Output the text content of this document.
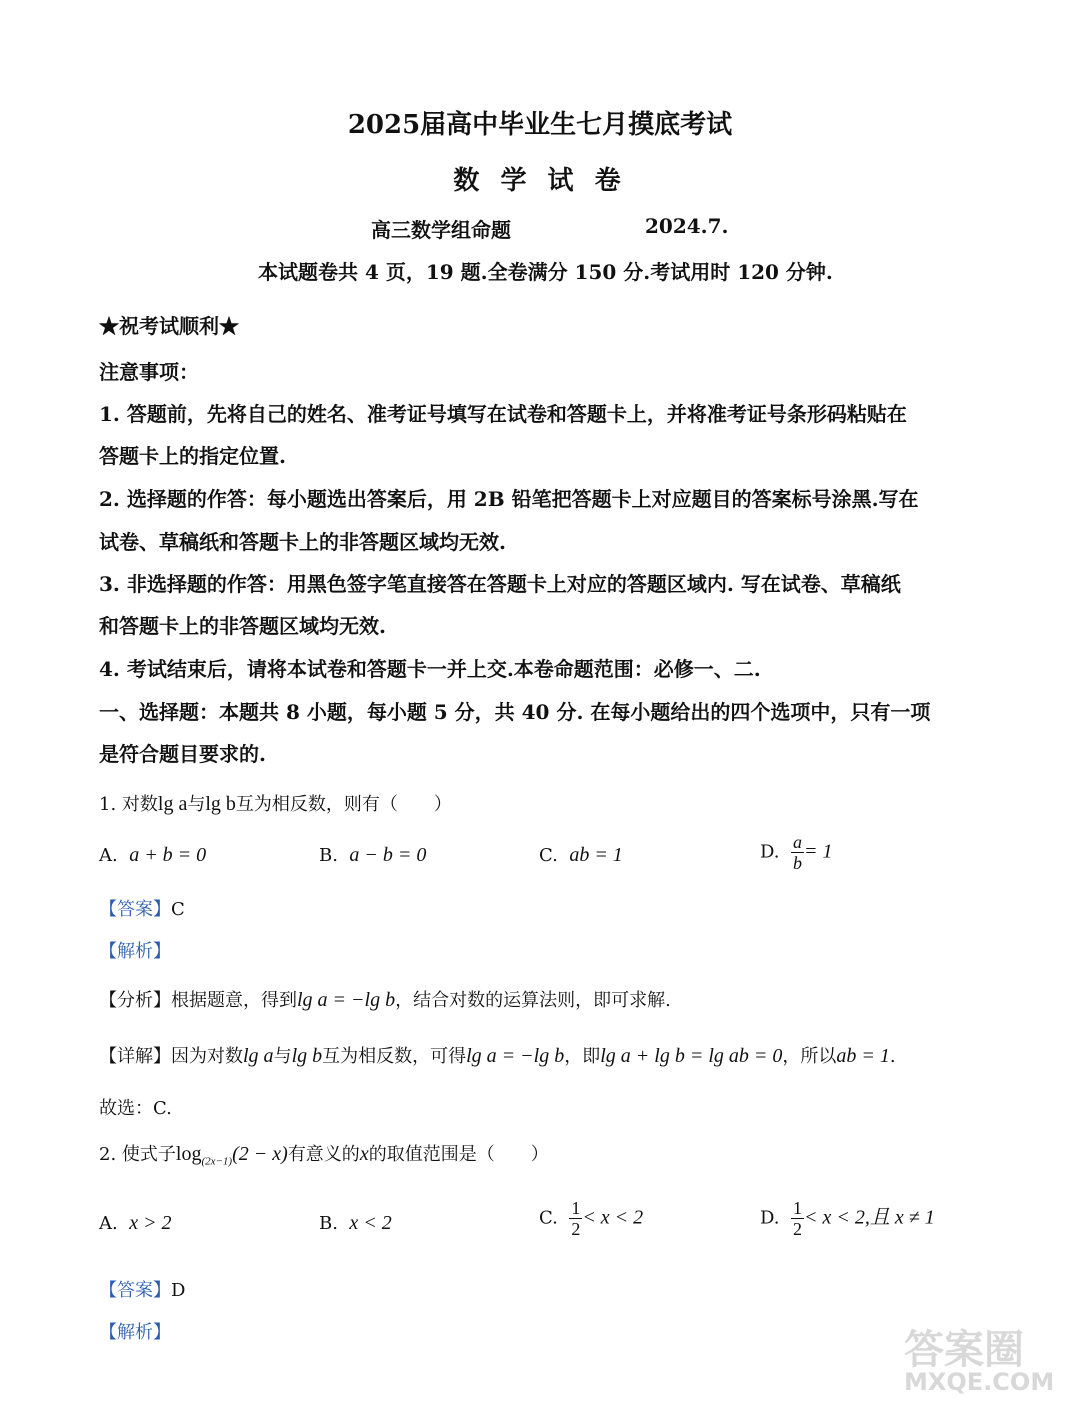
2025届高中毕业生七月摸底考试
数 学 试 卷
高三数学组命题	2024.7.
本试题卷共 4 页，19 题.全卷满分 150 分.考试用时 120 分钟.
★祝考试顺利★
注意事项：
1. 答题前，先将自己的姓名、准考证号填写在试卷和答题卡上，并将准考证号条形码粘贴在
答题卡上的指定位置.
2. 选择题的作答：每小题选出答案后，用 2B 铅笔把答题卡上对应题目的答案标号涂黑.写在
试卷、草稿纸和答题卡上的非答题区域均无效.
3. 非选择题的作答：用黑色签字笔直接答在答题卡上对应的答题区域内. 写在试卷、草稿纸
和答题卡上的非答题区域均无效.
4. 考试结束后，请将本试卷和答题卡一并上交.本卷命题范围：必修一、二.
一、选择题：本题共 8 小题，每小题 5 分，共 40 分. 在每小题给出的四个选项中，只有一项
是符合题目要求的.
1. 对数lg a与lg b互为相反数，则有（　　）
A. a + b = 0	B. a − b = 0	C. ab = 1	D. $\frac{a}{b} = 1$
【答案】C
【解析】
【分析】根据题意，得到lg a = −lg b，结合对数的运算法则，即可求解.
【详解】因为对数lg a与lg b互为相反数，可得lg a = −lg b，即lg a + lg b = lg ab = 0，所以ab = 1.
故选：C.
2. 使式子$\log_{(2x-1)}(2 - x)$有意义的x的取值范围是（　　）
A. x > 2	B. x < 2	C. $\frac{1}{2} < x < 2$	D. $\frac{1}{2} < x < 2$,且 x ≠ 1
【答案】D
【解析】	答案圈
MXQE.COM
